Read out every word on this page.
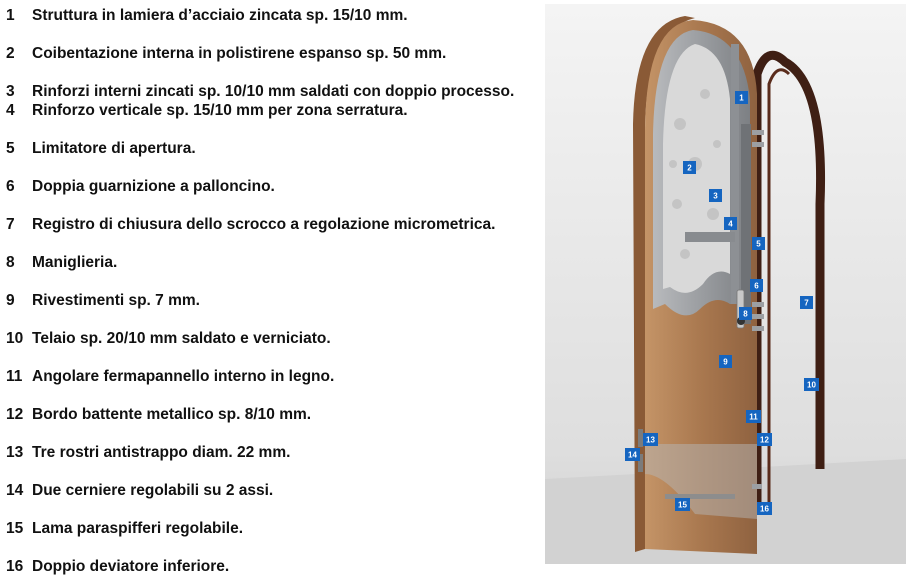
1	Struttura in lamiera d’acciaio zincata sp. 15/10 mm.
2	Coibentazione interna in polistirene espanso sp. 50 mm.
3	Rinforzi interni zincati sp. 10/10 mm saldati con doppio processo.
4	Rinforzo verticale sp. 15/10 mm per zona serratura.
5	Limitatore di apertura.
6	Doppia guarnizione a palloncino.
7	Registro di chiusura dello scrocco a regolazione micrometrica.
8	Maniglieria.
9	Rivestimenti sp. 7 mm.
10 Telaio sp. 20/10 mm saldato e verniciato.
11 Angolare fermapannello interno in legno.
12 Bordo battente metallico sp. 8/10 mm.
13 Tre rostri antistrappo diam. 22 mm.
14 Due cerniere regolabili su 2 assi.
15 Lama paraspifferi regolabile.
16 Doppio deviatore inferiore.
1
2
3
4
5
6
7
8
9
10
11
12
13
14
15	16
